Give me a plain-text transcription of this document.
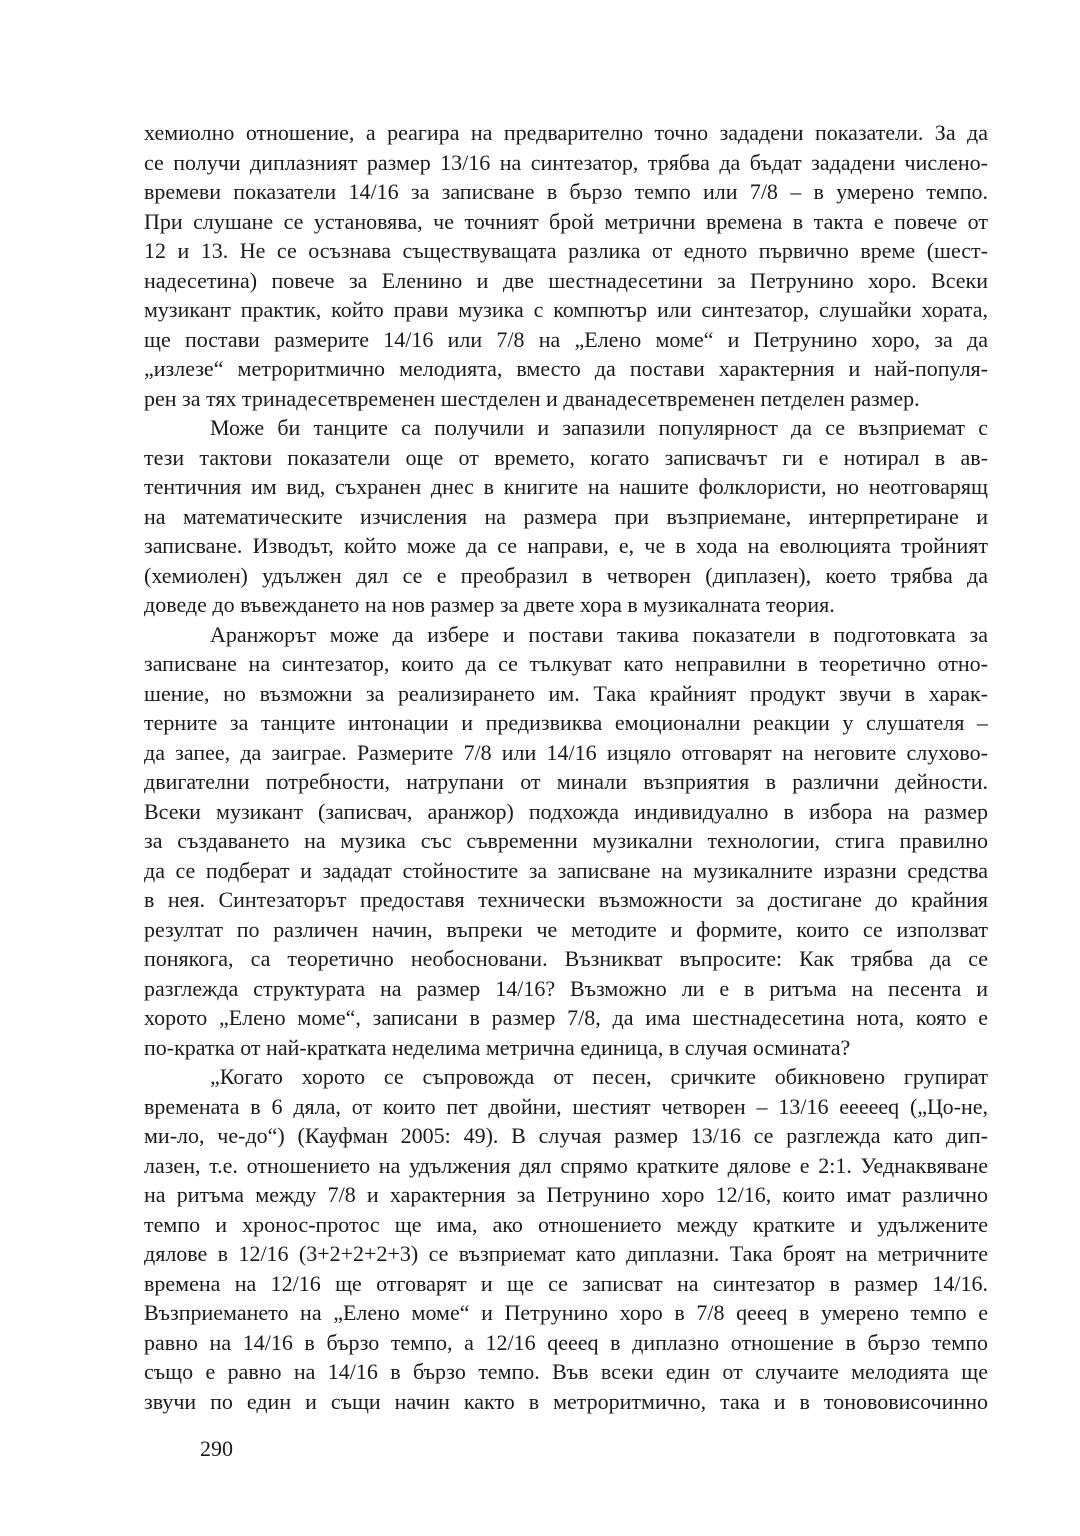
хемиолно отношение, а реагира на предварително точно зададени показатели. За да
се получи диплазният размер 13/16 на синтезатор, трябва да бъдат зададени числено-
времеви показатели 14/16 за записване в бързо темпо или 7/8 – в умерено темпо.
При слушане се установява, че точният брой метрични времена в такта е повече от
12 и 13. Не се осъзнава съществуващата разлика от едното първично време (шест-
надесетина) повече за Еленино и две шестнадесетини за Петрунино хоро. Всеки
музикант практик, който прави музика с компютър или синтезатор, слушайки хората,
ще постави размерите 14/16 или 7/8 на „Елено моме“ и Петрунино хоро, за да
„излезе“ метроритмично мелодията, вместо да постави характерния и най-популя-
рен за тях тринадесетвременен шестделен и дванадесетвременен петделен размер.
Може би танците са получили и запазили популярност да се възприемат с
тези тактови показатели още от времето, когато записвачът ги е нотирал в ав-
тентичния им вид, съхранен днес в книгите на нашите фолклористи, но неотговарящ
на математическите изчисления на размера при възприемане, интерпретиране и
записване. Изводът, който може да се направи, е, че в хода на еволюцията тройният
(хемиолен) удължен дял се е преобразил в четворен (диплазен), което трябва да
доведе до въвеждането на нов размер за двете хора в музикалната теория.
Аранжорът може да избере и постави такива показатели в подготовката за
записване на синтезатор, които да се тълкуват като неправилни в теоретично отно-
шение, но възможни за реализирането им. Така крайният продукт звучи в харак-
терните за танците интонации и предизвиква емоционални реакции у слушателя –
да запее, да заиграе. Размерите 7/8 или 14/16 изцяло отговарят на неговите слухово-
двигателни потребности, натрупани от минали възприятия в различни дейности.
Всеки музикант (записвач, аранжор) подхожда индивидуално в избора на размер
за създаването на музика със съвременни музикални технологии, стига правилно
да се подберат и зададат стойностите за записване на музикалните изразни средства
в нея. Синтезаторът предоставя технически възможности за достигане до крайния
резултат по различен начин, въпреки че методите и формите, които се използват
понякога, са теоретично необосновани. Възникват въпросите: Как трябва да се
разглежда структурата на размер 14/16? Възможно ли е в ритъма на песента и
хорото „Елено моме“, записани в размер 7/8, да има шестнадесетина нота, която е
по-кратка от най-кратката неделима метрична единица, в случая осмината?
„Когато хорото се съпровожда от песен, сричките обикновено групират
времената в 6 дяла, от които пет двойни, шестият четворен – 13/16 eeeeeq („Цо-не,
ми-ло, че-до“) (Кауфман 2005: 49). В случая размер 13/16 се разглежда като дип-
лазен, т.е. отношението на удължения дял спрямо кратките дялове е 2:1. Уеднаквяване
на ритъма между 7/8 и характерния за Петрунино хоро 12/16, които имат различно
темпо и хронос-протос ще има, ако отношението между кратките и удължените
дялове в 12/16 (3+2+2+2+3) се възприемат като диплазни. Така броят на метричните
времена на 12/16 ще отговарят и ще се записват на синтезатор в размер 14/16.
Възприемането на „Елено моме“ и Петрунино хоро в 7/8 qeeeq в умерено темпо е
равно на 14/16 в бързо темпо, а 12/16 qeeeq в диплазно отношение в бързо темпо
също е равно на 14/16 в бързо темпо. Във всеки един от случаите мелодията ще
звучи по един и същи начин както в метроритмично, така и в тонововисочинно
290
